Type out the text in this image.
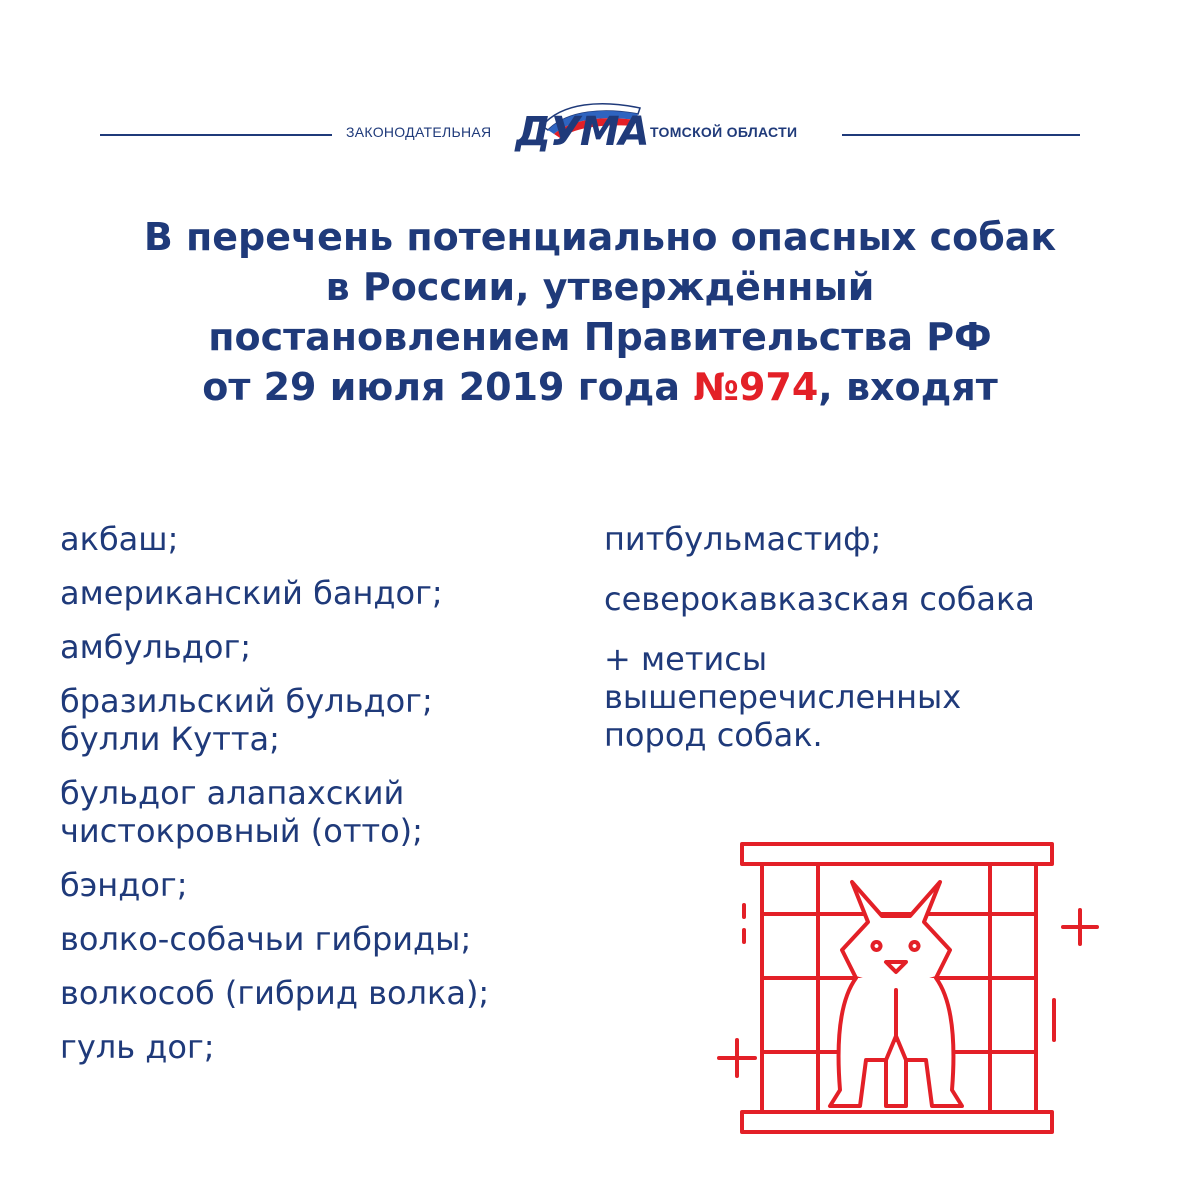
ЗАКОНОДАТЕЛЬНАЯ ДУМА ТОМСКОЙ ОБЛАСТИ
В перечень потенциально опасных собак
в России, утверждённый
постановлением Правительства РФ
от 29 июля 2019 года №974, входят
акбаш;
американский бандог;
амбульдог;
бразильский бульдог;
булли Кутта;
бульдог алапахский
чистокровный (отто);
бэндог;
волко-собачьи гибриды;
волкособ (гибрид волка);
гуль дог;
питбульмастиф;
северокавказская собака
+ метисы
вышеперечисленных
пород собак.
